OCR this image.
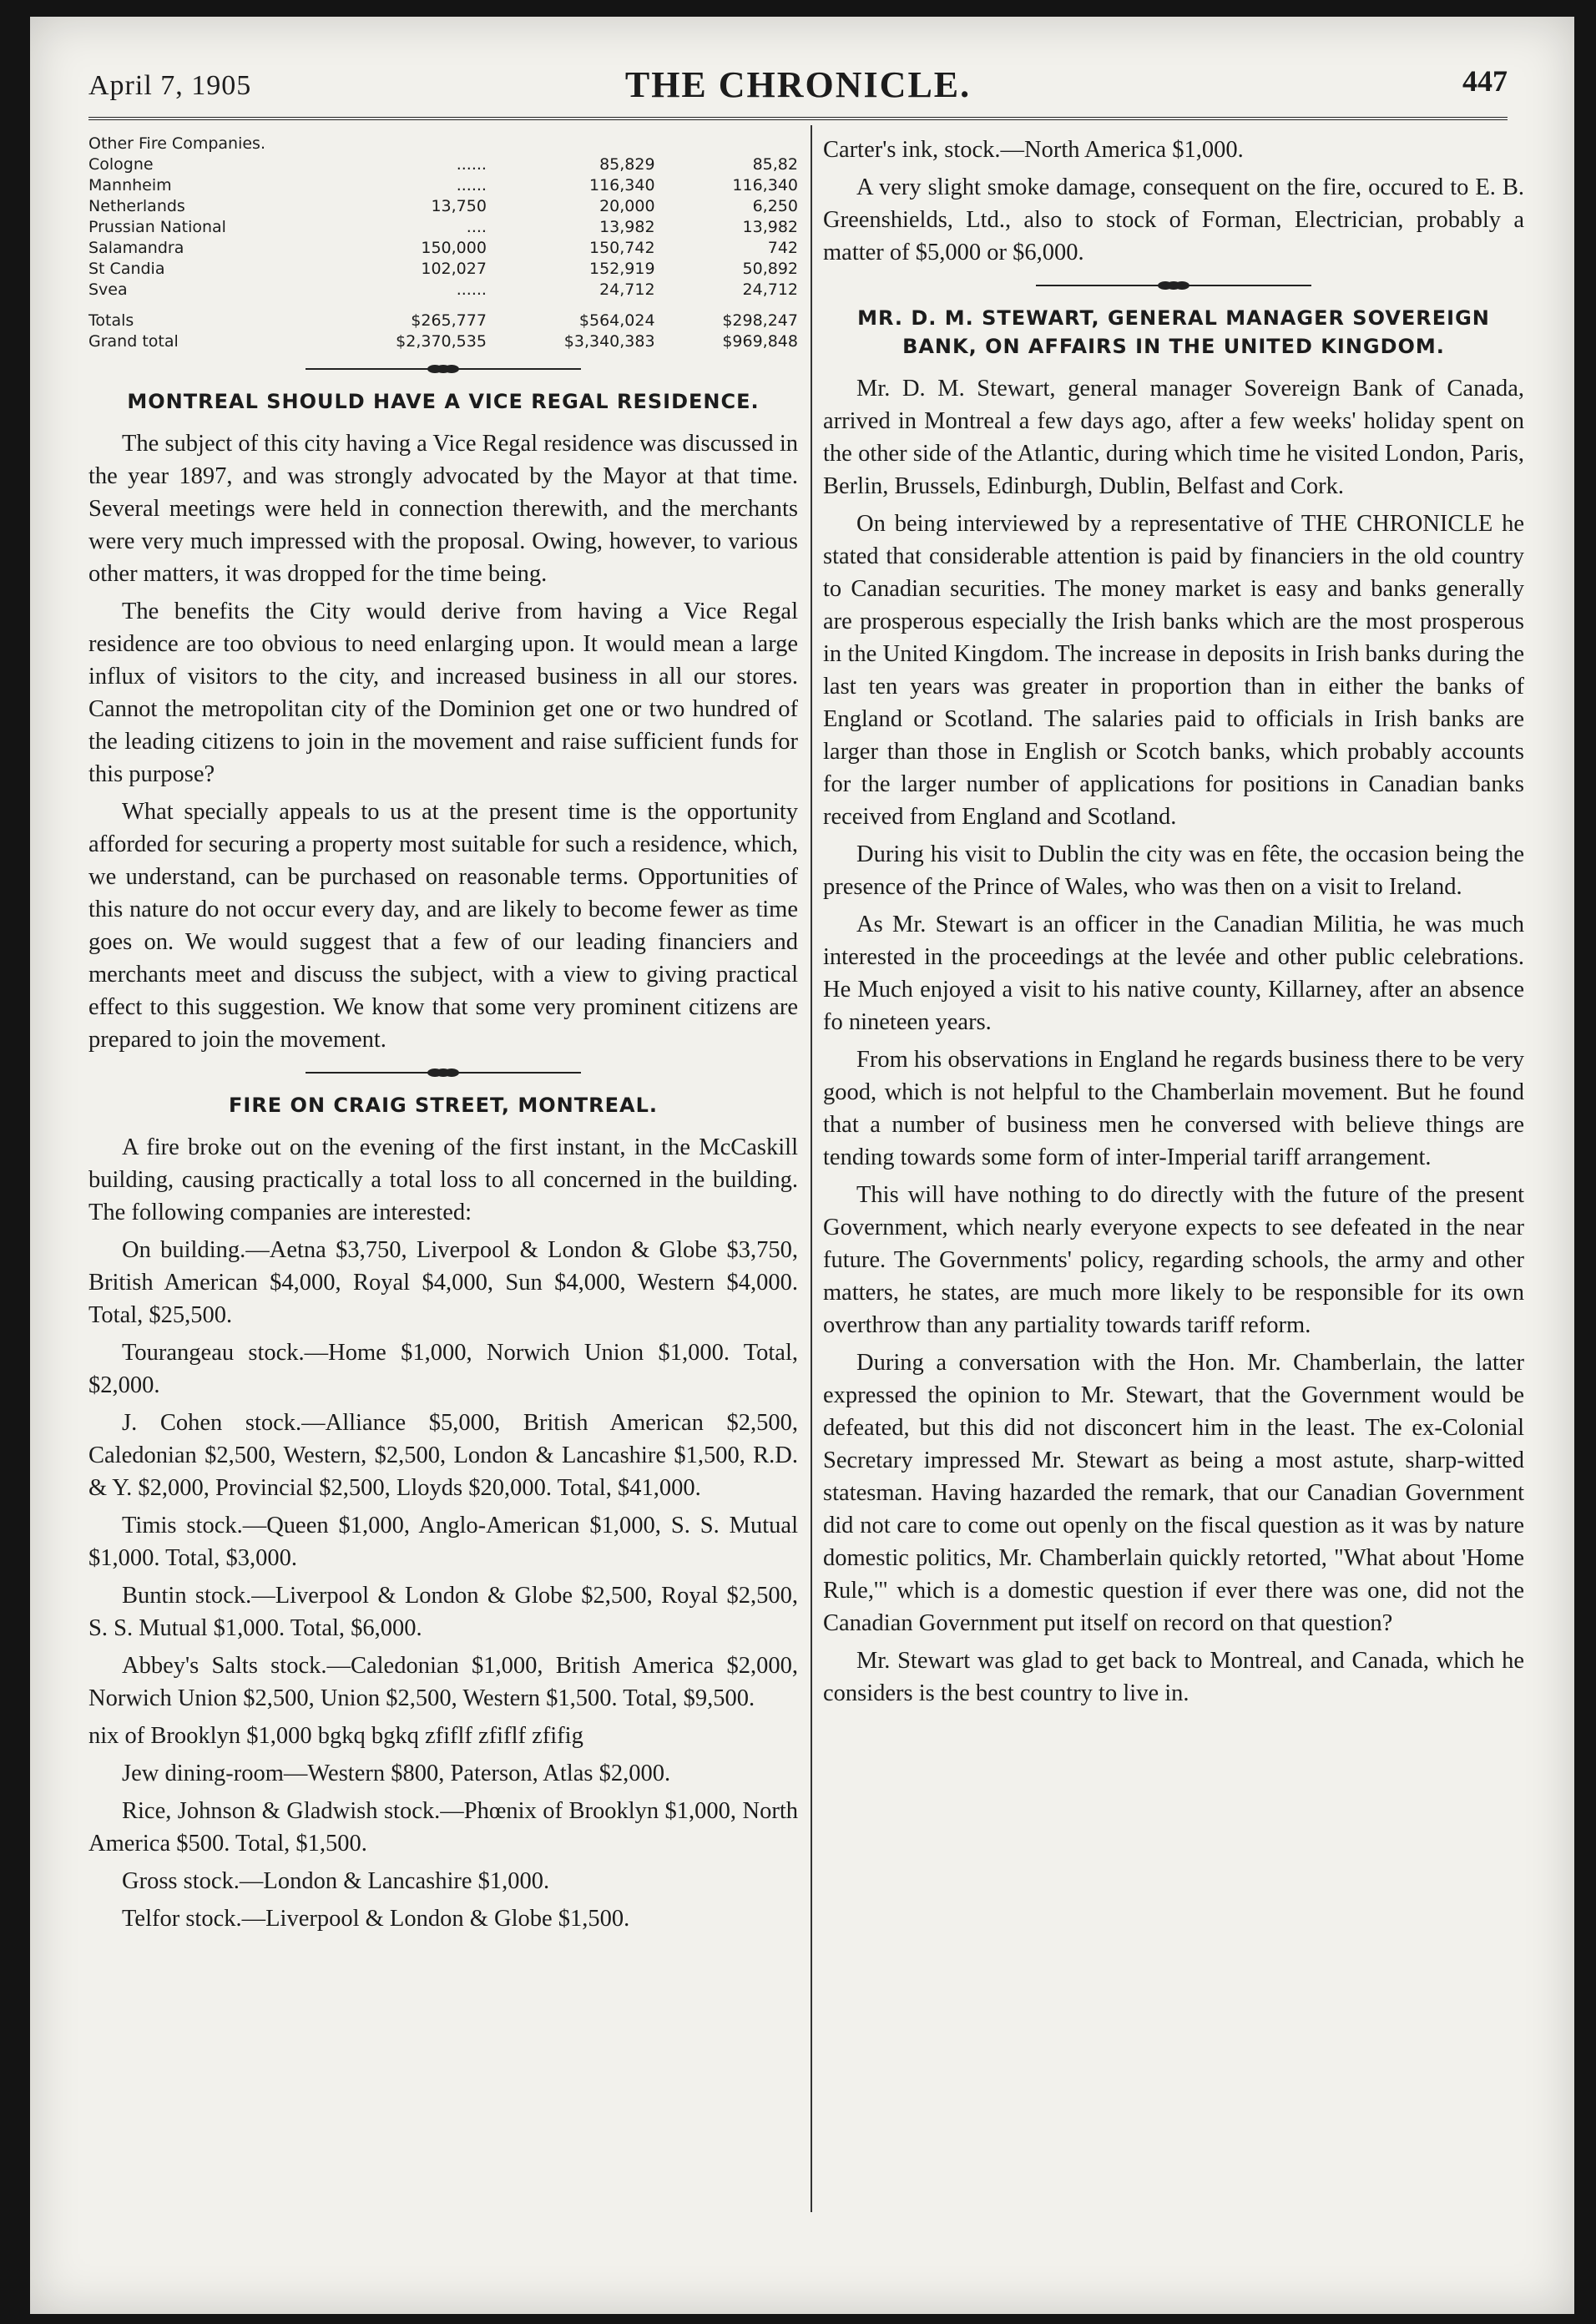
April 7, 1905	THE CHRONICLE.	447
Other Fire Companies.
Cologne	......	85,829	85,82
Mannheim	......	116,340	116,340
Netherlands	13,750	20,000	6,250
Prussian National	....	13,982	13,982
Salamandra	150,000	150,742	742
St Candia	102,027	152,919	50,892
Svea	......	24,712	24,712
Totals	$265,777	$564,024	$298,247
Grand total	$2,370,535	$3,340,383	$969,848
MONTREAL SHOULD HAVE A VICE REGAL RESIDENCE.

The subject of this city having a Vice Regal residence was discussed in the year 1897, and was strongly advocated by the Mayor at that time. Several meetings were held in connection therewith, and the merchants were very much impressed with the proposal. Owing, however, to various other matters, it was dropped for the time being.

The benefits the City would derive from having a Vice Regal residence are too obvious to need enlarging upon. It would mean a large influx of visitors to the city, and increased business in all our stores. Cannot the metropolitan city of the Dominion get one or two hundred of the leading citizens to join in the movement and raise sufficient funds for this purpose?

What specially appeals to us at the present time is the opportunity afforded for securing a property most suitable for such a residence, which, we understand, can be purchased on reasonable terms. Opportunities of this nature do not occur every day, and are likely to become fewer as time goes on. We would suggest that a few of our leading financiers and merchants meet and discuss the subject, with a view to giving practical effect to this suggestion. We know that some very prominent citizens are prepared to join the movement.

FIRE ON CRAIG STREET, MONTREAL.

A fire broke out on the evening of the first instant, in the McCaskill building, causing practically a total loss to all concerned in the building. The following companies are interested:

On building.—Aetna $3,750, Liverpool & London & Globe $3,750, British American $4,000, Royal $4,000, Sun $4,000, Western $4,000. Total, $25,500.

Tourangeau stock.—Home $1,000, Norwich Union $1,000. Total, $2,000.

J. Cohen stock.—Alliance $5,000, British American $2,500, Caledonian $2,500, Western, $2,500, London & Lancashire $1,500, R.D. & Y. $2,000, Provincial $2,500, Lloyds $20,000. Total, $41,000.

Timis stock.—Queen $1,000, Anglo-American $1,000, S. S. Mutual $1,000. Total, $3,000.

Buntin stock.—Liverpool & London & Globe $2,500, Royal $2,500, S. S. Mutual $1,000. Total, $6,000.

Abbey's Salts stock.—Caledonian $1,000, British America $2,000, Norwich Union $2,500, Union $2,500, Western $1,500. Total, $9,500.

nix of Brooklyn $1,000 bgkq bgkq zfiflf zfiflf zfifig

Jew dining-room—Western $800, Paterson, Atlas $2,000.

Rice, Johnson & Gladwish stock.—Phœnix of Brooklyn $1,000, North America $500. Total, $1,500.

Gross stock.—London & Lancashire $1,000.

Telfor stock.—Liverpool & London & Globe $1,500.

Carter's ink, stock.—North America $1,000.

A very slight smoke damage, consequent on the fire, occured to E. B. Greenshields, Ltd., also to stock of Forman, Electrician, probably a matter of $5,000 or $6,000.

MR. D. M. STEWART, GENERAL MANAGER SOVEREIGN BANK, ON AFFAIRS IN THE UNITED KINGDOM.

Mr. D. M. Stewart, general manager Sovereign Bank of Canada, arrived in Montreal a few days ago, after a few weeks' holiday spent on the other side of the Atlantic, during which time he visited London, Paris, Berlin, Brussels, Edinburgh, Dublin, Belfast and Cork.

On being interviewed by a representative of THE CHRONICLE he stated that considerable attention is paid by financiers in the old country to Canadian securities. The money market is easy and banks generally are prosperous especially the Irish banks which are the most prosperous in the United Kingdom. The increase in deposits in Irish banks during the last ten years was greater in proportion than in either the banks of England or Scotland. The salaries paid to officials in Irish banks are larger than those in English or Scotch banks, which probably accounts for the larger number of applications for positions in Canadian banks received from England and Scotland.

During his visit to Dublin the city was en fête, the occasion being the presence of the Prince of Wales, who was then on a visit to Ireland.

As Mr. Stewart is an officer in the Canadian Militia, he was much interested in the proceedings at the levée and other public celebrations. He Much enjoyed a visit to his native county, Killarney, after an absence fo nineteen years.

From his observations in England he regards business there to be very good, which is not helpful to the Chamberlain movement. But he found that a number of business men he conversed with believe things are tending towards some form of inter-Imperial tariff arrangement.

This will have nothing to do directly with the future of the present Government, which nearly everyone expects to see defeated in the near future. The Governments' policy, regarding schools, the army and other matters, he states, are much more likely to be responsible for its own overthrow than any partiality towards tariff reform.

During a conversation with the Hon. Mr. Chamberlain, the latter expressed the opinion to Mr. Stewart, that the Government would be defeated, but this did not disconcert him in the least. The ex-Colonial Secretary impressed Mr. Stewart as being a most astute, sharp-witted statesman. Having hazarded the remark, that our Canadian Government did not care to come out openly on the fiscal question as it was by nature domestic politics, Mr. Chamberlain quickly retorted, "What about 'Home Rule,'" which is a domestic question if ever there was one, did not the Canadian Government put itself on record on that question?

Mr. Stewart was glad to get back to Montreal, and Canada, which he considers is the best country to live in.
